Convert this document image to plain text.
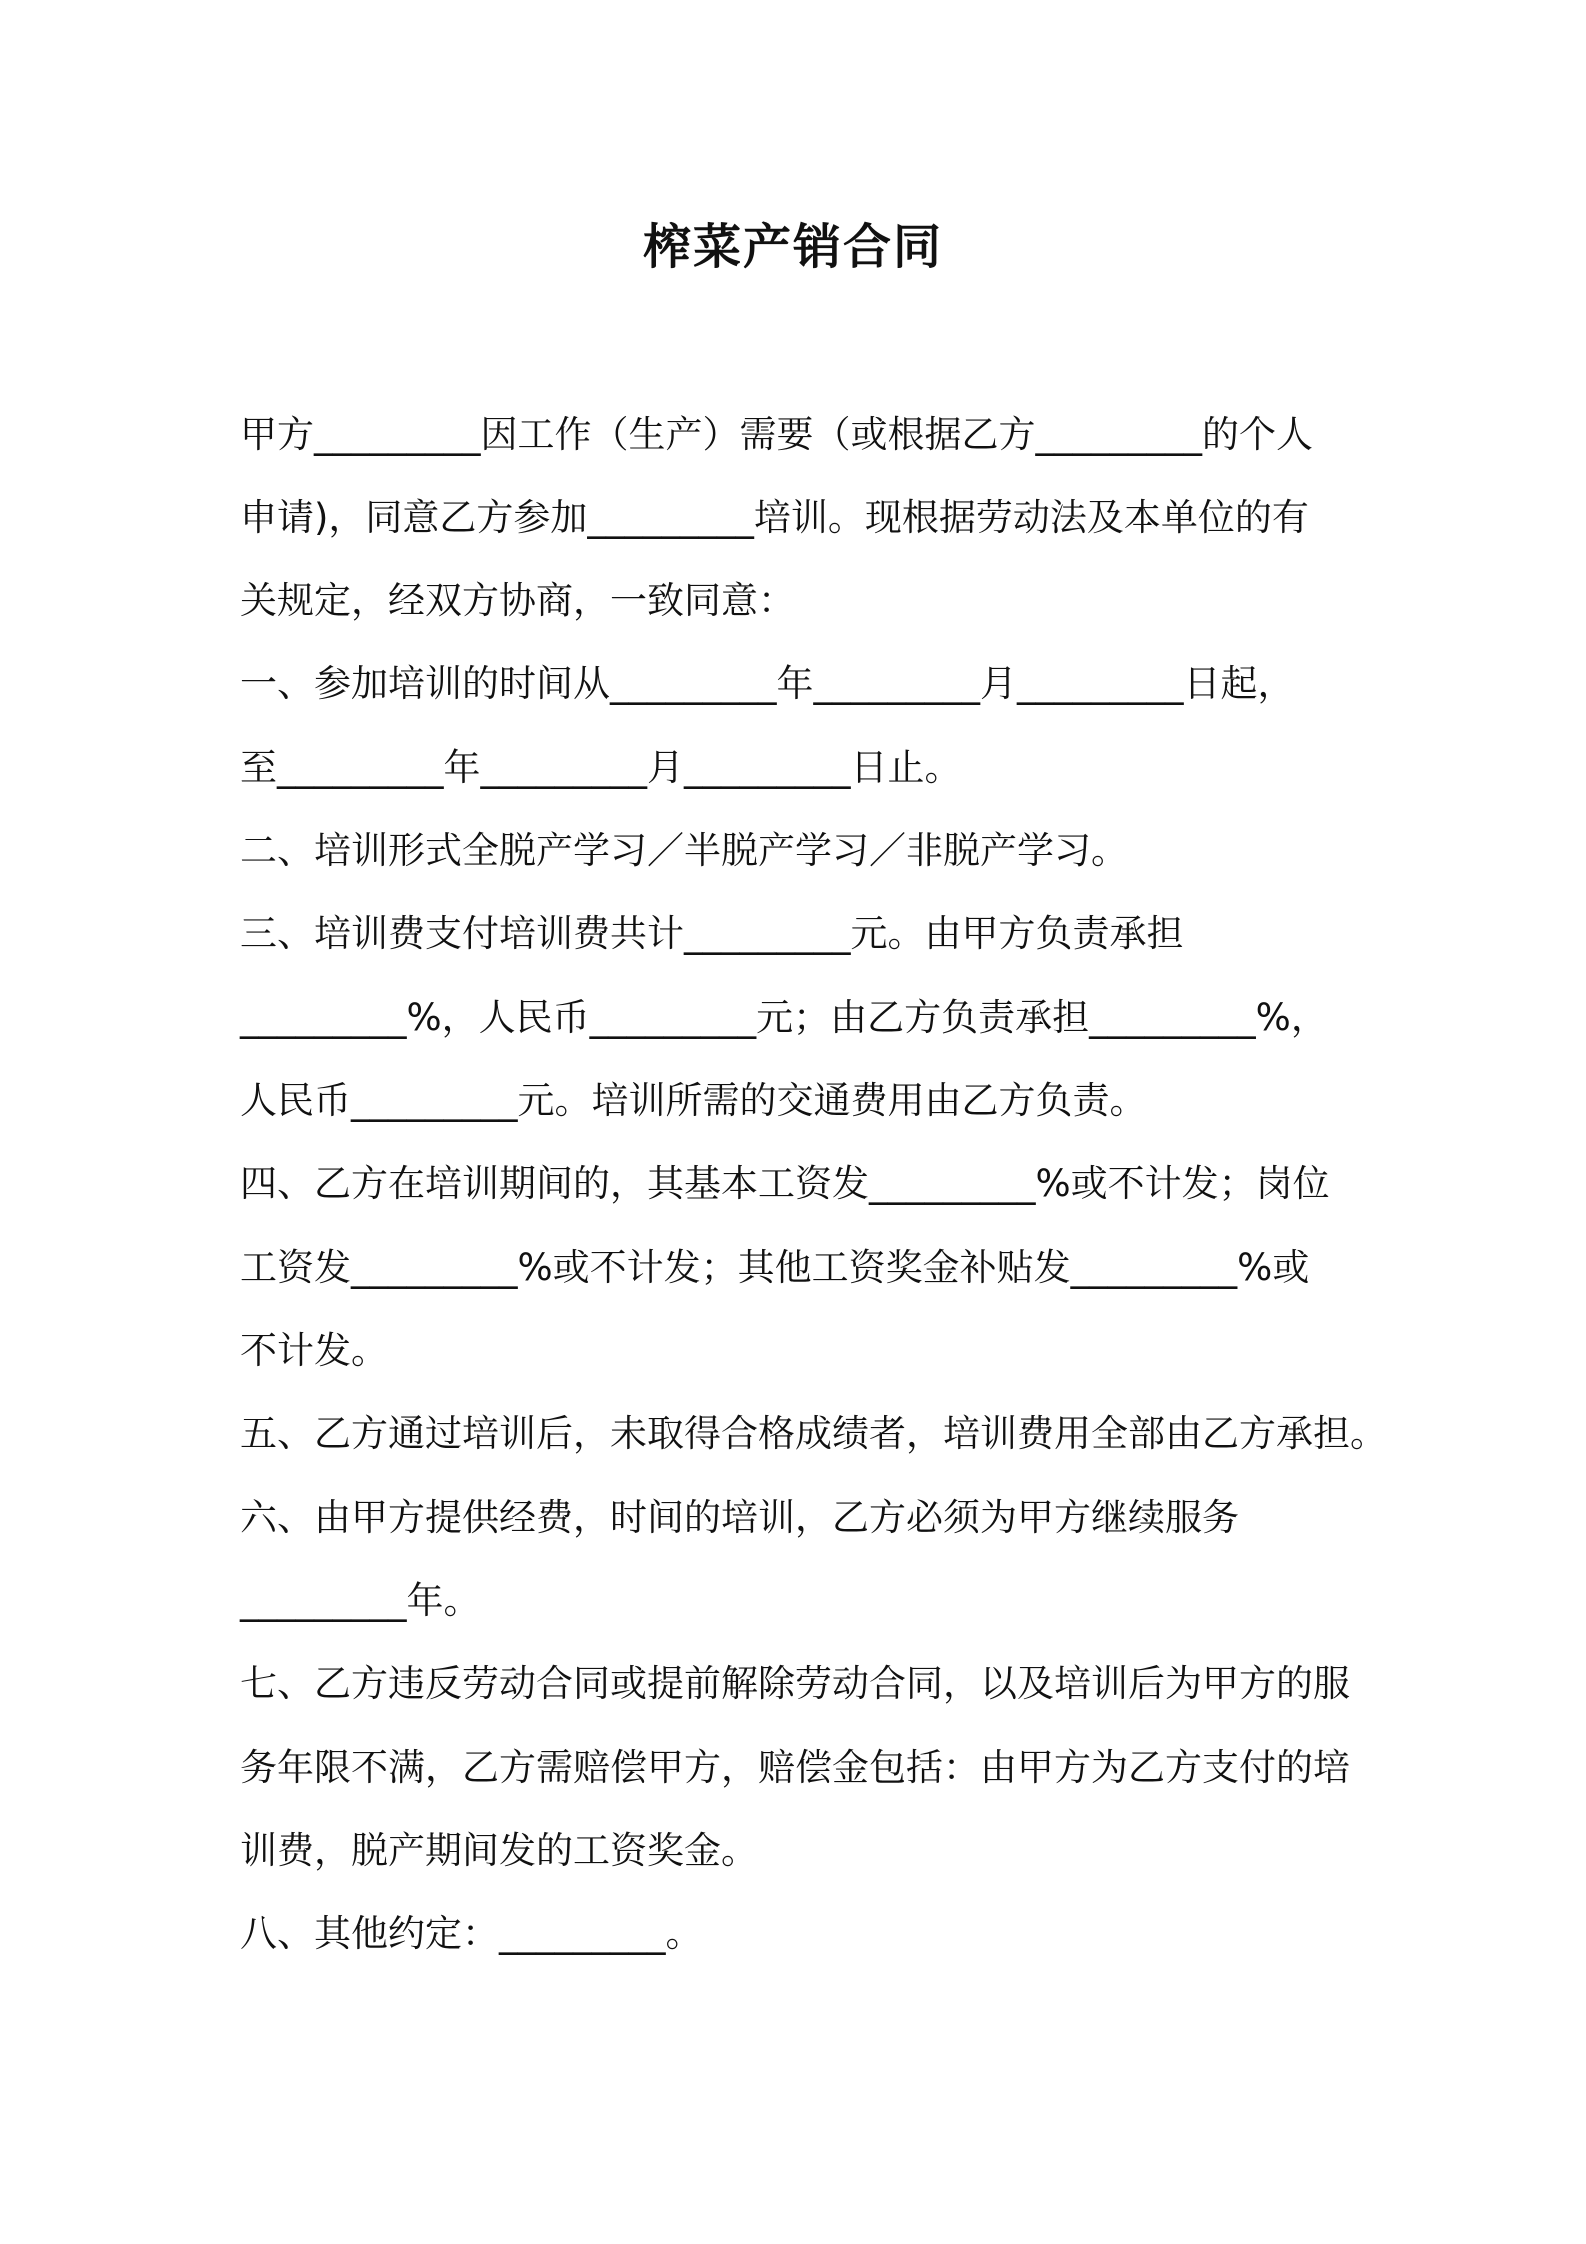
榨菜产销合同
甲方_________因工作（生产）需要（或根据乙方_________的个人
申请)，同意乙方参加_________培训。现根据劳动法及本单位的有
关规定，经双方协商，一致同意：
一、参加培训的时间从_________年_________月_________日起，
至_________年_________月_________日止。
二、培训形式全脱产学习／半脱产学习／非脱产学习。
三、培训费支付培训费共计_________元。由甲方负责承担
_________%，人民币_________元；由乙方负责承担_________%，
人民币_________元。培训所需的交通费用由乙方负责。
四、乙方在培训期间的，其基本工资发_________%或不计发；岗位
工资发_________%或不计发；其他工资奖金补贴发_________%或
不计发。
五、乙方通过培训后，未取得合格成绩者，培训费用全部由乙方承担。
六、由甲方提供经费，时间的培训，乙方必须为甲方继续服务
_________年。
七、乙方违反劳动合同或提前解除劳动合同，以及培训后为甲方的服
务年限不满，乙方需赔偿甲方，赔偿金包括：由甲方为乙方支付的培
训费，脱产期间发的工资奖金。
八、其他约定：_________。
